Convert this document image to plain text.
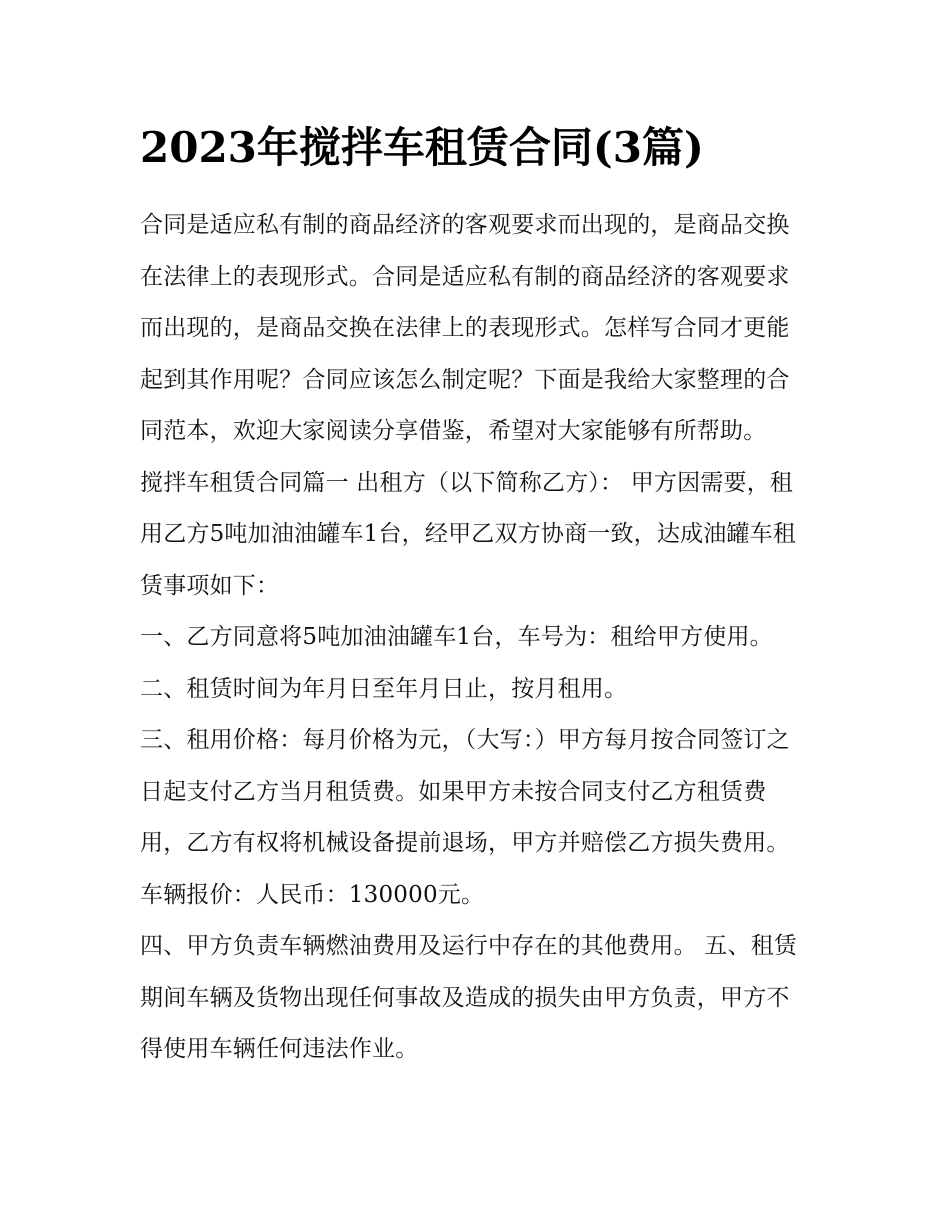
2023年搅拌车租赁合同(3篇)

合同是适应私有制的商品经济的客观要求而出现的，是商品交换在法律上的表现形式。合同是适应私有制的商品经济的客观要求而出现的，是商品交换在法律上的表现形式。怎样写合同才更能起到其作用呢？合同应该怎么制定呢？下面是我给大家整理的合同范本，欢迎大家阅读分享借鉴，希望对大家能够有所帮助。

搅拌车租赁合同篇一 出租方（以下简称乙方）： 甲方因需要，租用乙方5吨加油油罐车1台，经甲乙双方协商一致，达成油罐车租赁事项如下：

一、乙方同意将5吨加油油罐车1台，车号为：租给甲方使用。 二、租赁时间为年月日至年月日止，按月租用。

三、租用价格：每月价格为元，（大写：）甲方每月按合同签订之日起支付乙方当月租赁费。如果甲方未按合同支付乙方租赁费用，乙方有权将机械设备提前退场，甲方并赔偿乙方损失费用。车辆报价：人民币：130000元。

四、甲方负责车辆燃油费用及运行中存在的其他费用。 五、租赁期间车辆及货物出现任何事故及造成的损失由甲方负责，甲方不得使用车辆任何违法作业。
